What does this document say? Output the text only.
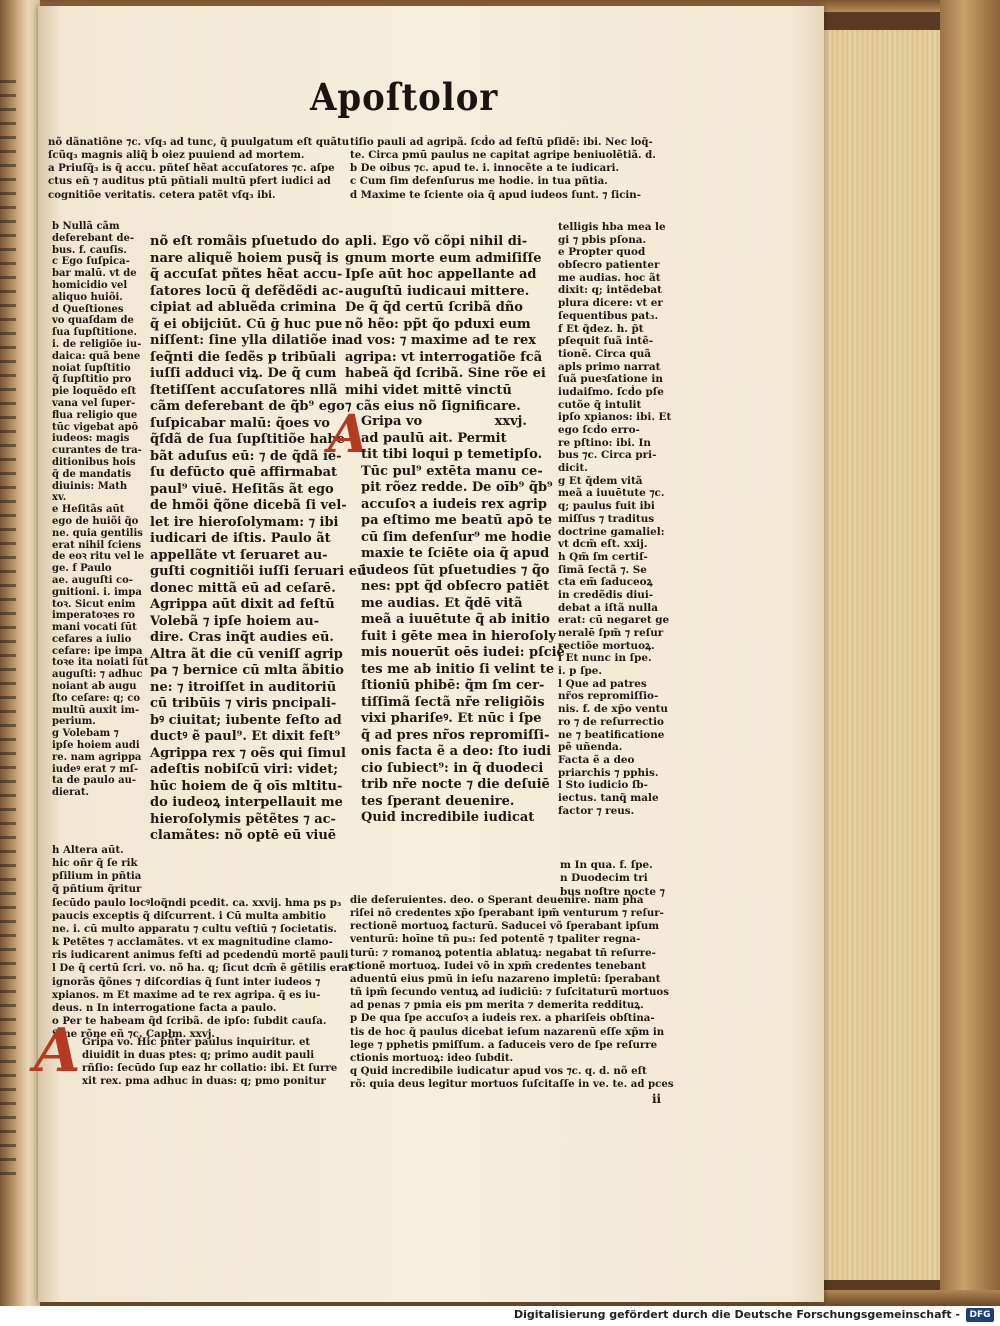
Apoſtolor
nõ dãnatiõne ⁊c. vſq₃ ad tunc, q̃ puulgatum eſt quãtu
ſcũq₃ magnis aliq̃ ḃ oiez puuiend ad mortem.
a Priuſq̃₃ is q̃ accu. pñteſ hẽat accuſatores ⁊c. aſpe
ctus eñ ⁊ auditus ptū pñtiali multū pfert iudici ad
cognitiõe veritatis. cetera patẽt vſq₃ ibi.
tiſio pauli ad agripã. ſcḋo ad feſtū pſidẽ: ibi. Nec loq̃-
te. Circa pmū paulus ne capitat agripe beniuolẽtiã. d.
b De oibus ⁊c. apud te. i. innocẽte a te iudicari.
c Cum ſim defenſurus me hodie. in tua pñtia.
d Maxime te ſciente oia q̃ apud iudeos ſunt. ⁊ ſicin-
b Nullã cãm
deferebant de-
bus. f. cauſis.
c Ego ſuſpica-
bar malū. vt de
homicidio vel
aliquo huiõi.
d Queſtiones
vo quaſdam de
ſua ſupſtitione.
i. de religiõe iu-
daica: quã bene
noiat ſupſtitio
q̃ ſupſtitio pro
pie loquẽdo eſt
vana vel ſuper-
flua religio que
tūc vigebat apō
iudeos: magis
curantes de tra-
ditionibus hois
q̃ de mandatis
diuinis: Math
xv.
e Heſitãs aūt
ego de huiõi q̃o
ne. quia gentilis
erat nihil ſciens
de eoꝛ ritu vel le
ge. f Paulo
ae. auguſti co-
gnitioni. i. impa
toꝛ. Sicut enim
imperatoꝛes ro
mani vocati ſūt
cefares a iulio
cefare: ipe impa
toꝛe ita noiati ſūt
auguſti: ⁊ adhuc
noiant ab augu
ſto ceſare: q; co
multū auxit im-
perium.
g Volebam ⁊
ipſe hoiem audi
re. nam agrippa
iudeꝰ erat ⁊ mſ-
ta de paulo au-
dierat.
nõ eſt romãis pſuetudo do
nare aliquẽ hoiem pusq̃ is
q̃ accuſat pñtes hẽat accu-
ſatores locū q̃ defẽdẽdi ac-
cipiat ad abluẽda crimina
q̃ ei obijciūt. Cū ḡ huc pue
niſſent: ſine ylla dilatiõe in
ſeq̃nti die ſedẽs p tribūali
iuſſi adduci viꝝ. De q̃ cum
ſtetiſſent accuſatores nllã
cãm deferebant de q̃b⁹ ego
ſuſpicabar malū: q̃oes vo
q̃ſdã de ſua ſupſtitiõe habe
bãt aduſus eū: ⁊ de q̃dã ie-
ſu defūcto quē affirmabat
paul⁹ viuē. Heſitãs ãt ego
de hmõi q̃õne dicebã ſi vel-
let ire hieroſolymam: ⁊ ibi
iudicari de iſtis. Paulo ãt
appellãte vt ſeruaret au-
guſti cognitiõi iuſſi ſeruari eū
donec mittã eū ad ceſarē.
Agrippa aūt dixit ad feſtū
Volebã ⁊ ipſe hoiem au-
dire. Cras inq̃t audies eū.
Altra ãt die cū veniſſ agrip
pa ⁊ bernice cū mlta ãbitio
ne: ⁊ itroiſſet in auditoriū
cū tribūis ⁊ viris pncipali-
bꝰ ciuitat; iubente feſto ad
ductꝰ ẽ paul⁹. Et dixit feſt⁹
Agrippa rex ⁊ oẽs qui ſimul
adeſtis nobiſcū viri: videt;
hūc hoiem de q̃ oīs mltitu-
do iudeoꝝ interpellauit me
hieroſolymis pẽtẽtes ⁊ ac-
clamãtes: nõ optē eū viuē
apli. Ego võ cõpi nihil di-
gnum morte eum admiſiſſe
Ipſe aūt hoc appellante ad
auguſtū iudicaui mittere.
De q̃ q̃d certū ſcribã dño
nõ hẽo: pp̃t q̃o pduxi eum
ad vos: ⁊ maxime ad te rex
agripa: vt interrogatiõe fcã
habeã q̃d ſcribã. Sine rõe ei
mihi videt mittē vinctū
⁊ cãs eius nõ ſignificare.
A
Gripa vo                xxvj.
ad paulū ait. Permit
tit tibi loqui p temetipſo.
Tūc pul⁹ extēta manu ce-
pit rõez redde. De oīb⁹ q̃b⁹
accuſoꝛ a iudeis rex agrip
pa eſtimo me beatū apō te
cū ſim defenſur⁹ me hodie
maxie te ſciēte oia q̃ apud
iudeos ſūt pſuetudies ⁊ q̃o
nes: ppt q̃d obſecro patiēt
me audias. Et q̃dē vitã
meã a iuuētute q̃ ab initio
fuit i gēte mea in hieroſoly
mis nouerūt oēs iudei: pſciē
tes me ab initio ſi velint te
ſtioniū phibē: q̃m ſm cer-
tiſſimã ſectã nr̃e religiõis
vixi phariſeꝰ. Et nūc i ſpe
q̃ ad pres nr̃os repromiſſi-
onis facta ẽ a deo: ſto iudi
cio ſubiect⁹: in q̃ duodeci
trib nr̃e nocte ⁊ die deſuiē
tes ſperant deuenire.
Quid incredibile iudicat
telligis hba mea le
gi ⁊ pbis pſona.
e Propter quod
obſecro patienter
me audias. hoc ãt
dixit: q; intẽdebat
plura dicere: vt er
ſequentibus pat₃.
f Et q̃dez. h. p̃t
pſequit ſuã intẽ-
tionẽ. Circa quã
apls primo narrat
ſuã pueꝛſatione in
iudaiſmo. ſcḋo pſe
cutõe q̃ intulit
ipſo xpianos: ibi. Et
ego ſcḋo erro-
re pſtino: ibi. In
bus ⁊c. Circa pri-
dicit.
g Et q̃dem vitã
meã a iuuētute ⁊c.
q; paulus fuit ibi
miſſus ⁊ traditus
doctrine gamaliel:
vt dcm̃ eſt. xxij.
h Qm̃ ſm certiſ-
ſimã ſectã ⁊. Se
cta em̃ ſaduceoꝝ
in credẽdis diui-
debat a iſtã nulla
erat: cū negaret ge
neralē ſpm̃ ⁊ reſur
rectiõe mortuoꝝ.
i Et nunc in ſpe.
i. p ſpe.
l Que ad patres
nr̃os repromiſſio-
nis. f. de xp̃o ventu
ro ⁊ de reſurrectio
ne ⁊ beatificatione
pẽ uñenda.
Facta ẽ a deo
priarchis ⁊ pphis.
l Sto iudicio ſb-
iectus. tanq̃ male
factor ⁊ reus.
m In qua. f. ſpe.
n Duodecim tri
bus noſtre nocte ⁊
h Altera aūt.
hic oñr q̃ ſe rik
pſilium in pñtia
q̃ pñtium q̃ritur
ſecūdo paulo locꝰloq̃ndi pcedit. ca. xxvij. hma ps p₃
paucis exceptis q̃ diſcurrent. i Cū multa ambitio
ne. i. cū multo apparatu ⁊ cultu veſtiū ⁊ ſocietatis.
k Petẽtes ⁊ acclamãtes. vt ex magnitudine clamo-
ris iudicarent animus feſti ad pcedendū mortẽ pauli
l De q̃ certū ſcri. vo. nõ ha. q; ſicut dcm̃ ẽ gẽtilis erat
ignorãs q̃õnes ⁊ diſcordias q̃ ſunt inter iudeos ⁊
xpianos. m Et maxime ad te rex agripa. q̃ es iu-
deus. n In interrogatione facta a paulo.
o Per te habeam q̃d ſcribã. de ipſo: ſubdit cauſa.
Sine rõne eñ ⁊c. Capłm. xxvj.
A Gripa vo. Hic pñter paulus inquiritur. et
diuidit in duas ptes: q; primo audit pauli
rñſio: ſecūdo ſup eaz hr collatio: ibi. Et ſurre
xit rex. pma adhuc in duas: q; pmo ponitur
die deſeruientes. deo. o Sperant deuenire. nam pha
riſei nõ credentes xp̃o ſperabant ipm̃ venturum ⁊ reſur-
rectionẽ mortuoꝝ facturū. Saducei võ ſperabant ipſum
venturū: hoīne tñ pu₃: ſed potentē ⁊ tpaliter regna-
turū: ⁊ romanoꝝ potentia ablatuꝝ: negabat tñ reſurre-
ctionẽ mortuoꝝ. Iudei võ in xpm̃ credentes tenebant
aduentū eius pmū in ieſu nazareno impletū: ſperabant
tñ ipm̃ ſecundo ventuꝝ ad iudiciū: ⁊ ſuſcitaturū mortuos
ad penas ⁊ pmia eis pm merita ⁊ demerita reddituꝝ.
p De qua ſpe accuſoꝛ a iudeis rex. a phariſeis obſtina-
tis de hoc q̃ paulus dicebat ieſum nazarenū eſſe xp̃m in
lege ⁊ pphetis pmiſſum. a ſaduceis vero de ſpe reſurre
ctionis mortuoꝝ: ideo ſubdit.
q Quid incredibile iudicatur apud vos ⁊c. q. d. nõ eſt
rõ: quia deus legitur mortuos ſuſcitaſſe in ve. te. ad pces
ii
Digitalisierung gefördert durch die Deutsche Forschungsgemeinschaft -	DFG
